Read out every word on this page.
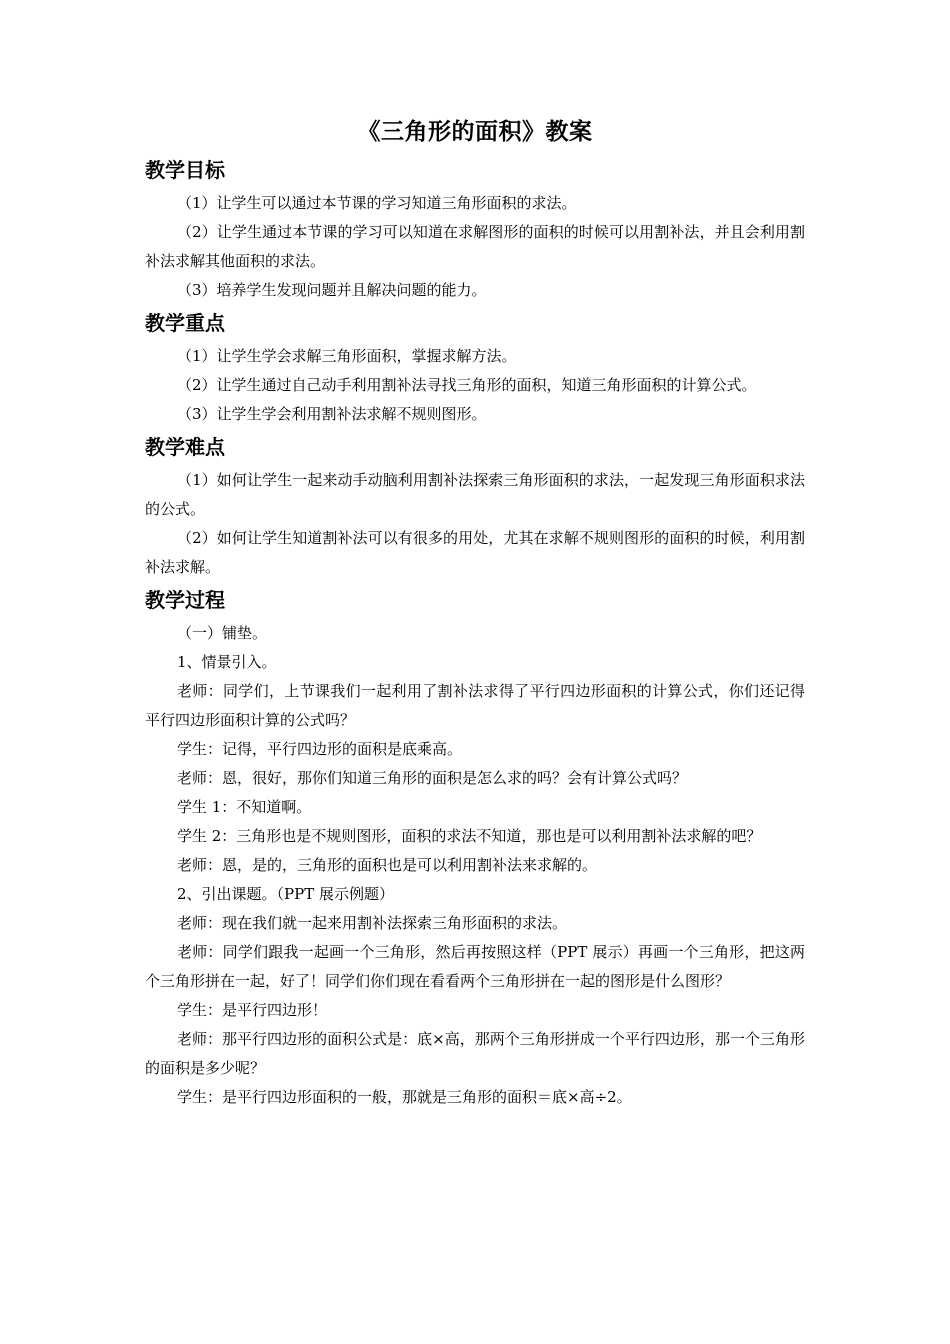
《三角形的面积》教案
教学目标

（1）让学生可以通过本节课的学习知道三角形面积的求法。

（2）让学生通过本节课的学习可以知道在求解图形的面积的时候可以用割补法，并且会利用割补法求解其他面积的求法。

（3）培养学生发现问题并且解决问题的能力。

教学重点

（1）让学生学会求解三角形面积，掌握求解方法。

（2）让学生通过自己动手利用割补法寻找三角形的面积，知道三角形面积的计算公式。

（3）让学生学会利用割补法求解不规则图形。

教学难点

（1）如何让学生一起来动手动脑利用割补法探索三角形面积的求法，一起发现三角形面积求法的公式。

（2）如何让学生知道割补法可以有很多的用处，尤其在求解不规则图形的面积的时候，利用割补法求解。

教学过程

（一）铺垫。

1、情景引入。

老师：同学们，上节课我们一起利用了割补法求得了平行四边形面积的计算公式，你们还记得平行四边形面积计算的公式吗？

学生：记得，平行四边形的面积是底乘高。

老师：恩，很好，那你们知道三角形的面积是怎么求的吗？会有计算公式吗？

学生 1：不知道啊。

学生 2：三角形也是不规则图形，面积的求法不知道，那也是可以利用割补法求解的吧？

老师：恩，是的，三角形的面积也是可以利用割补法来求解的。

2、引出课题。（PPT 展示例题）

老师：现在我们就一起来用割补法探索三角形面积的求法。

老师：同学们跟我一起画一个三角形，然后再按照这样（PPT 展示）再画一个三角形，把这两个三角形拼在一起，好了！同学们你们现在看看两个三角形拼在一起的图形是什么图形？

学生：是平行四边形！

老师：那平行四边形的面积公式是：底×高，那两个三角形拼成一个平行四边形，那一个三角形的面积是多少呢？

学生：是平行四边形面积的一般，那就是三角形的面积＝底×高÷2。
